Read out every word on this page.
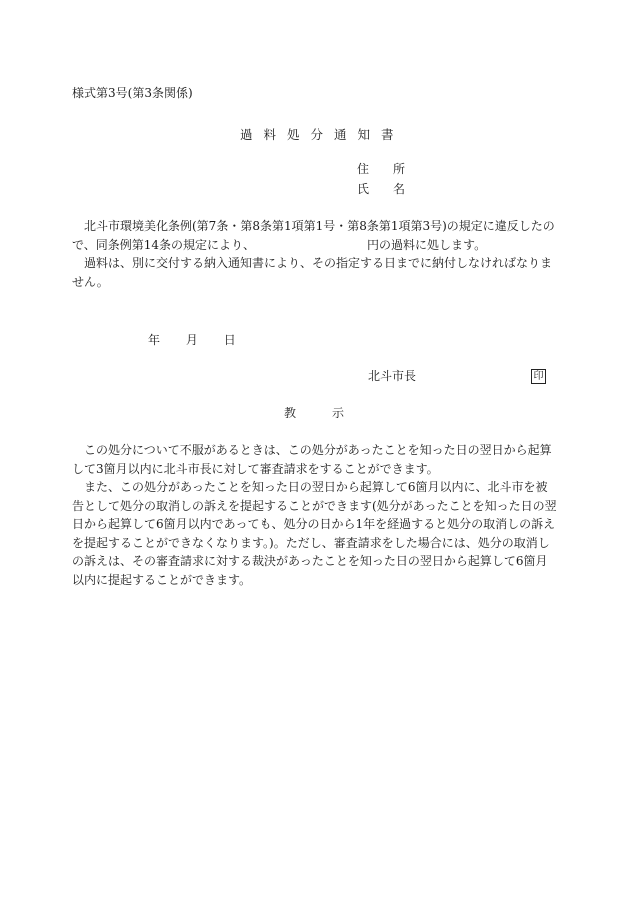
様式第3号(第3条関係)
過料処分通知書
住　　所
氏　　名

北斗市環境美化条例(第7条・第8条第1項第1号・第8条第1項第3号)の規定に違反したので、同条例第14条の規定により、	円の過料に処します。

過料は、別に交付する納入通知書により、その指定する日までに納付しなければなりません。

年 月 日
北斗市長	印
教　　　示

この処分について不服があるときは、この処分があったことを知った日の翌日から起算して3箇月以内に北斗市長に対して審査請求をすることができます。

また、この処分があったことを知った日の翌日から起算して6箇月以内に、北斗市を被告として処分の取消しの訴えを提起することができます(処分があったことを知った日の翌日から起算して6箇月以内であっても、処分の日から1年を経過すると処分の取消しの訴えを提起することができなくなります。)。ただし、審査請求をした場合には、処分の取消しの訴えは、その審査請求に対する裁決があったことを知った日の翌日から起算して6箇月以内に提起することができます。
